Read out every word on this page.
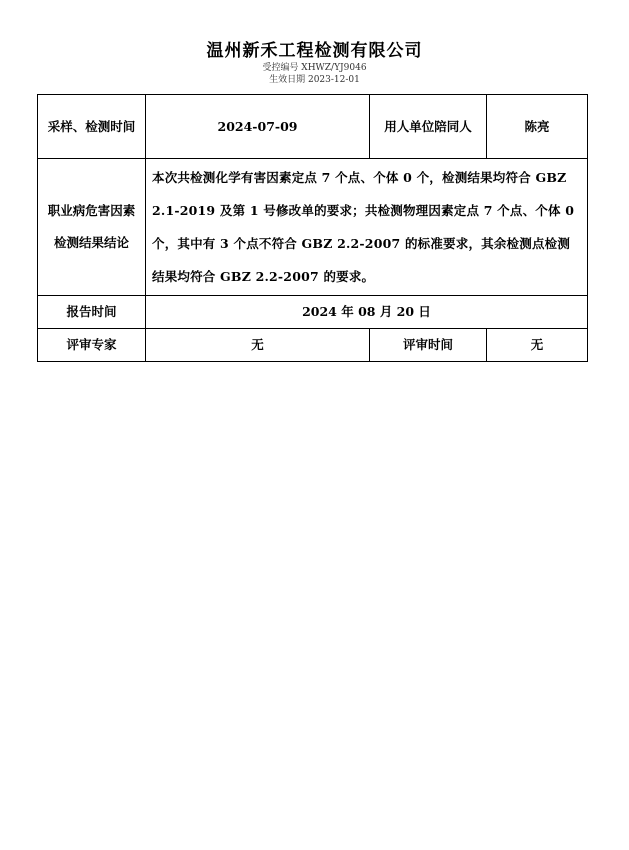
温州新禾工程检测有限公司
受控编号 XHWZ/YJ9046
生效日期 2023-12-01
采样、检测时间	2024-07-09	用人单位陪同人	陈亮
职业病危害因素检测结果结论	本次共检测化学有害因素定点 7 个点、个体 0 个，检测结果均符合 GBZ 2.1-2019 及第 1 号修改单的要求；共检测物理因素定点 7 个点、个体 0 个，其中有 3 个点不符合 GBZ 2.2-2007 的标准要求，其余检测点检测结果均符合 GBZ 2.2-2007 的要求。		
报告时间	2024 年 08 月 20 日		
评审专家	无	评审时间	无
